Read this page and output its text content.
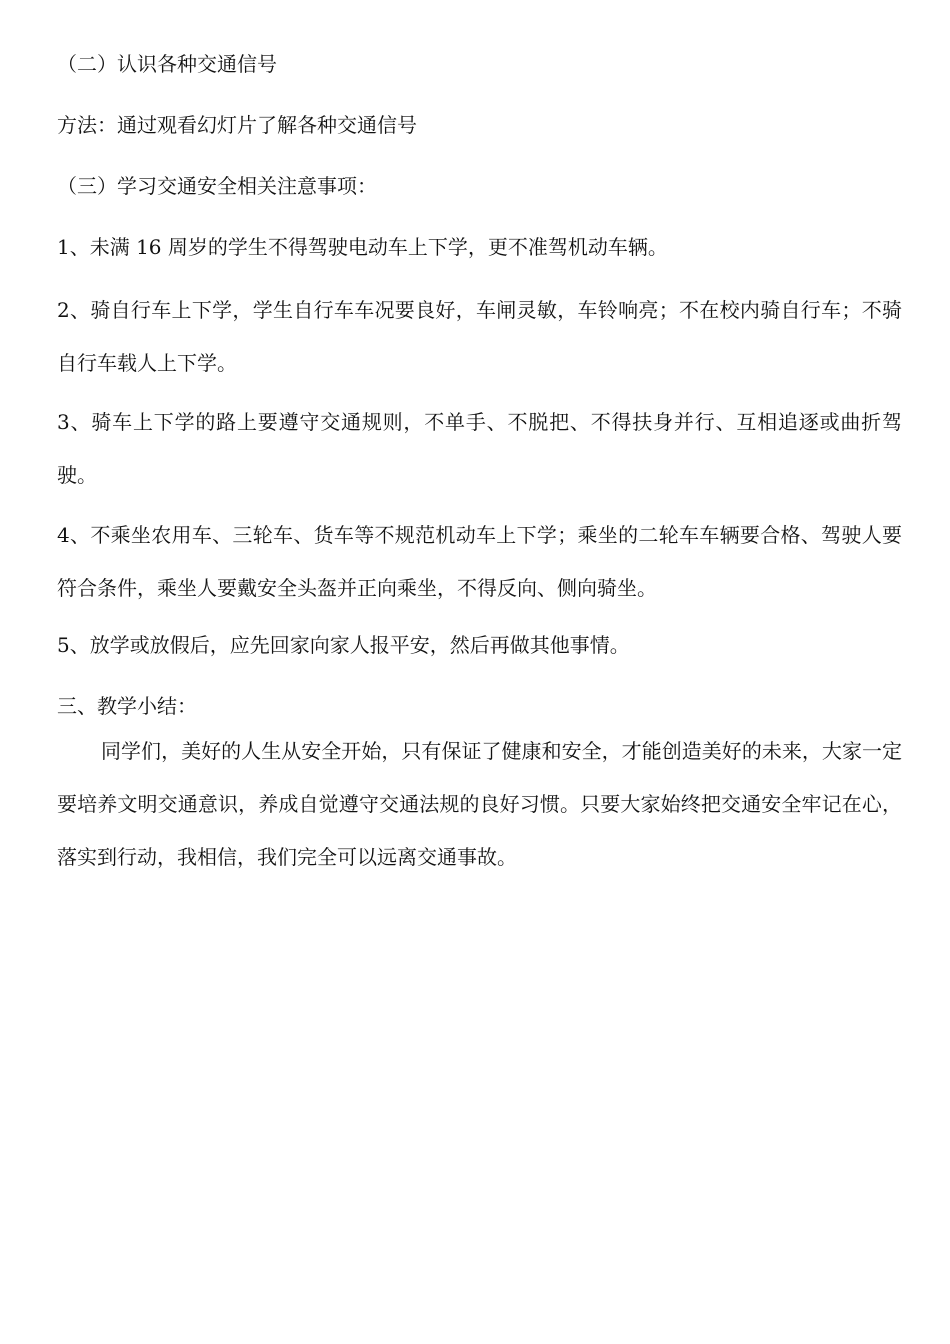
（二）认识各种交通信号
方法：通过观看幻灯片了解各种交通信号
（三）学习交通安全相关注意事项：
1、未满 16 周岁的学生不得驾驶电动车上下学，更不准驾机动车辆。
2、骑自行车上下学，学生自行车车况要良好，车闸灵敏，车铃响亮；不在校内骑自行车；不骑自行车载人上下学。
3、骑车上下学的路上要遵守交通规则，不单手、不脱把、不得扶身并行、互相追逐或曲折驾驶。
4、不乘坐农用车、三轮车、货车等不规范机动车上下学；乘坐的二轮车车辆要合格、驾驶人要符合条件，乘坐人要戴安全头盔并正向乘坐，不得反向、侧向骑坐。
5、放学或放假后，应先回家向家人报平安，然后再做其他事情。
三、教学小结：
同学们，美好的人生从安全开始，只有保证了健康和安全，才能创造美好的未来，大家一定要培养文明交通意识，养成自觉遵守交通法规的良好习惯。只要大家始终把交通安全牢记在心，落实到行动，我相信，我们完全可以远离交通事故。
